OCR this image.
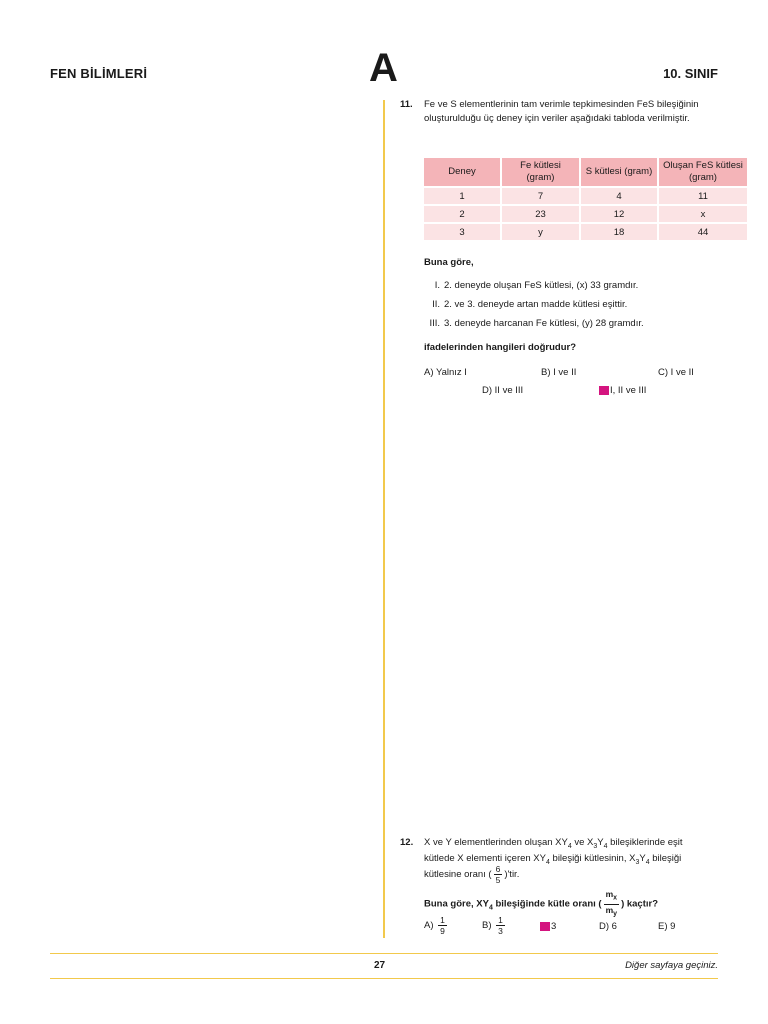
FEN BİLİMLERİ	A	10. SINIF
11. Fe ve S elementlerinin tam verimle tepkimesinden FeS bileşiğinin oluşturulduğu üç deney için veriler aşağıdaki tabloda verilmiştir.
Deney	Fe kütlesi (gram)	S kütlesi (gram)	Oluşan FeS kütlesi (gram)
1	7	4	11
2	23	12	x
3	y	18	44
Buna göre,
I. 2. deneyde oluşan FeS kütlesi, (x) 33 gramdır.
II. 2. ve 3. deneyde artan madde kütlesi eşittir.
III. 3. deneyde harcanan Fe kütlesi, (y) 28 gramdır.
ifadelerinden hangileri doğrudur?
A) Yalnız I	B) I ve II	C) I ve II
D) II ve III	I, II ve III
12. X ve Y elementlerinden oluşan $XY_4$ ve $X_3Y_4$ bileşiklerinde eşit
kütlede X elementi içeren $XY_4$ bileşiği kütlesinin, $X_3Y_4$ bileşiği
kütlesine oranı ( $\frac{6}{5} )'tir$.
Buna göre, $XY_4$ bileşiğinde kütle oranı ( $\frac{m_x}{m_y}$ ) kaçtır?
$A) \frac{1}{9}$	$B) \frac{1}{3}$	3	D) 6	E) 9
27	Diğer sayfaya geçiniz.
